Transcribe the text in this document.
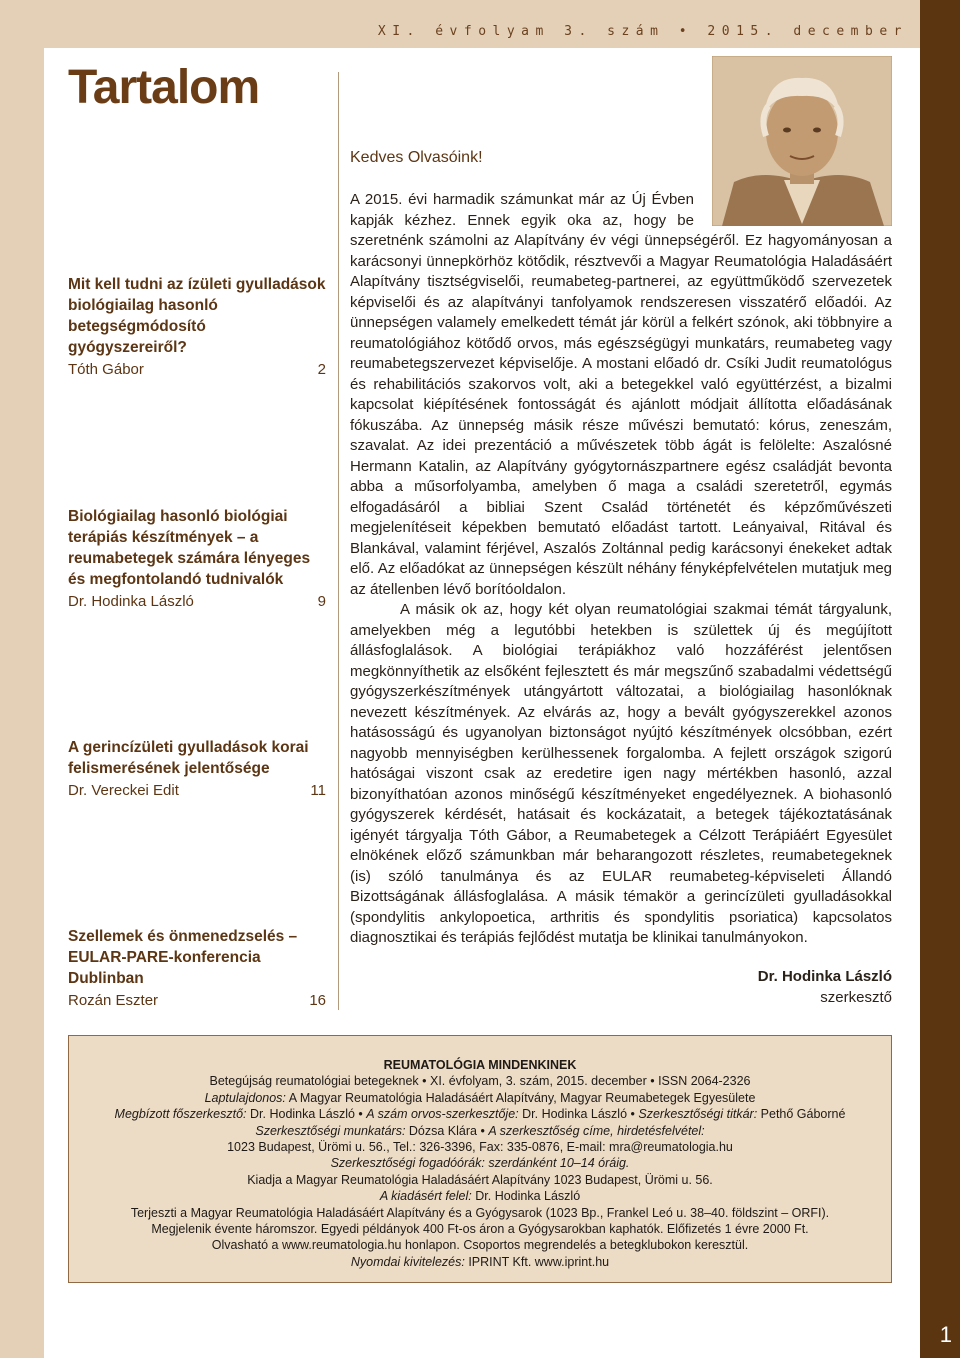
XI. évfolyam 3. szám • 2015. december
Tartalom
Mit kell tudni az ízületi gyulladások biológiailag hasonló betegségmódosító gyógyszereiről?
Tóth Gábor	2
Biológiailag hasonló biológiai terápiás készítmények – a reumabetegek számára lényeges és megfontolandó tudnivalók
Dr. Hodinka László	9
A gerincízületi gyulladások korai felismerésének jelentősége
Dr. Vereckei Edit	11
Szellemek és önmenedzselés – EULAR-PARE-konferencia Dublinban
Rozán Eszter	16
Kedves Olvasóink!
A 2015. évi harmadik számunkat már az Új Évben kapják kézhez. Ennek egyik oka az, hogy be szeretnénk számolni az Alapítvány év végi ünnepségéről. Ez hagyományosan a karácsonyi ünnepkörhöz kötődik, résztvevői a Magyar Reumatológia Haladásáért Alapítvány tisztségviselői, reumabeteg-partnerei, az együttműködő szervezetek képviselői és az alapítványi tanfolyamok rendszeresen visszatérő előadói. Az ünnepségen valamely emelkedett témát jár körül a felkért szónok, aki többnyire a reumatológiához kötődő orvos, más egészségügyi munkatárs, reumabeteg vagy reumabetegszervezet képviselője. A mostani előadó dr. Csíki Judit reumatológus és rehabilitációs szakorvos volt, aki a betegekkel való együttérzést, a bizalmi kapcsolat kiépítésének fontosságát és ajánlott módjait állította előadásának fókuszába. Az ünnepség másik része művészi bemutató: kórus, zeneszám, szavalat. Az idei prezentáció a művészetek több ágát is felölelte: Aszalósné Hermann Katalin, az Alapítvány gyógytornászpartnere egész családját bevonta abba a műsorfolyamba, amelyben ő maga a családi szeretetről, egymás elfogadásáról a bibliai Szent Család történetét és képzőművészeti megjelenítéseit képekben bemutató előadást tartott. Leányaival, Ritával és Blankával, valamint férjével, Aszalós Zoltánnal pedig karácsonyi énekeket adtak elő. Az előadókat az ünnepségen készült néhány fényképfelvételen mutatjuk meg az átellenben lévő borítóoldalon.
A másik ok az, hogy két olyan reumatológiai szakmai témát tárgyalunk, amelyekben még a legutóbbi hetekben is születtek új és megújított állásfoglalások. A biológiai terápiákhoz való hozzáférést jelentősen megkönnyíthetik az elsőként fejlesztett és már megszűnő szabadalmi védettségű gyógyszerkészítmények utángyártott változatai, a biológiailag hasonlóknak nevezett készítmények. Az elvárás az, hogy a bevált gyógyszerekkel azonos hatásosságú és ugyanolyan biztonságot nyújtó készítmények olcsóbban, ezért nagyobb mennyiségben kerülhessenek forgalomba. A fejlett országok szigorú hatóságai viszont csak az eredetire igen nagy mértékben hasonló, azzal bizonyíthatóan azonos minőségű készítményeket engedélyeznek. A biohasonló gyógyszerek kérdését, hatásait és kockázatait, a betegek tájékoztatásának igényét tárgyalja Tóth Gábor, a Reumabetegek a Célzott Terápiáért Egyesület elnökének előző számunkban már beharangozott részletes, reumabetegeknek (is) szóló tanulmánya és az EULAR reumabeteg-képviseleti Állandó Bizottságának állásfoglalása. A másik témakör a gerincízületi gyulladásokkal (spondylitis ankylopoetica, arthritis és spondylitis psoriatica) kapcsolatos diagnosztikai és terápiás fejlődést mutatja be klinikai tanulmányokon.
Dr. Hodinka László
szerkesztő
REUMATOLÓGIA MINDENKINEK
Betegújság reumatológiai betegeknek • XI. évfolyam, 3. szám, 2015. december • ISSN 2064-2326
Laptulajdonos: A Magyar Reumatológia Haladásáért Alapítvány, Magyar Reumabetegek Egyesülete
Megbízott főszerkesztő: Dr. Hodinka László • A szám orvos-szerkesztője: Dr. Hodinka László • Szerkesztőségi titkár: Pethő Gáborné
Szerkesztőségi munkatárs: Dózsa Klára • A szerkesztőség címe, hirdetésfelvétel:
1023 Budapest, Ürömi u. 56., Tel.: 326-3396, Fax: 335-0876, E-mail: mra@reumatologia.hu
Szerkesztőségi fogadóórák: szerdánként 10–14 óráig.
Kiadja a Magyar Reumatológia Haladásáért Alapítvány 1023 Budapest, Ürömi u. 56.
A kiadásért felel: Dr. Hodinka László
Terjeszti a Magyar Reumatológia Haladásáért Alapítvány és a Gyógysarok (1023 Bp., Frankel Leó u. 38–40. földszint – ORFI).
Megjelenik évente háromszor. Egyedi példányok 400 Ft-os áron a Gyógysarokban kaphatók. Előfizetés 1 évre 2000 Ft.
Olvasható a www.reumatologia.hu honlapon. Csoportos megrendelés a betegklubokon keresztül.
Nyomdai kivitelezés: IPRINT Kft. www.iprint.hu
1
